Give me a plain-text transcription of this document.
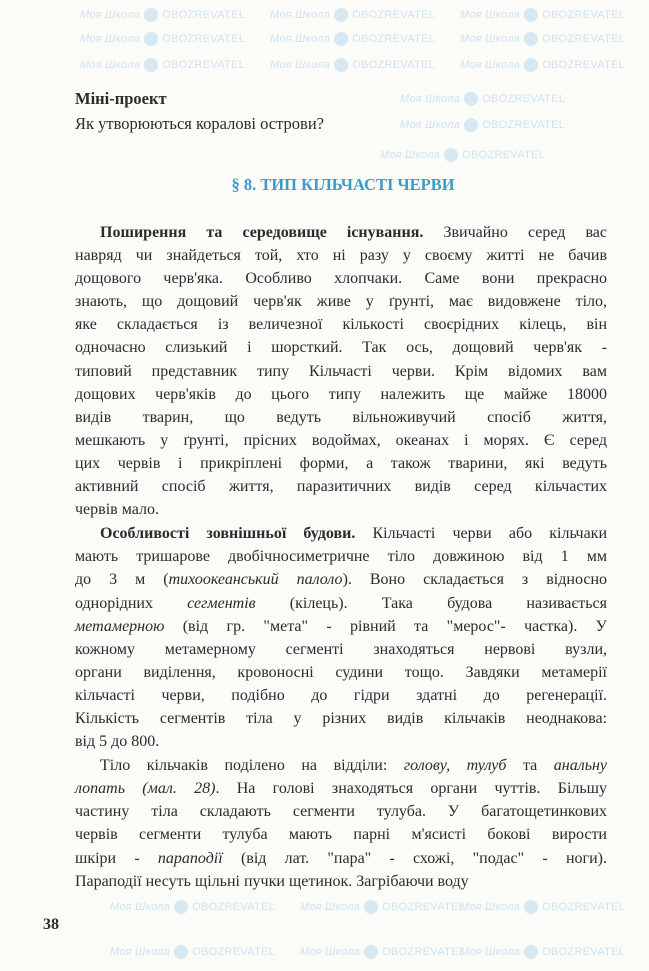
Моя Школа OBOZREVATEL Моя Школа OBOZREVATEL Моя Школа OBOZREVATEL
Моя Школа OBOZREVATEL Моя Школа OBOZREVATEL Моя Школа OBOZREVATEL
Моя Школа OBOZREVATEL Моя Школа OBOZREVATEL Моя Школа OBOZREVATEL
Моя Школа OBOZREVATEL
Моя Школа OBOZREVATEL
Моя Школа OBOZREVATEL
Моя Школа OBOZREVATEL Моя Школа OBOZREVATEL
Моя Школа OBOZREVATEL
Моя Школа OBOZREVATEL Моя Школа OBOZREVATEL
Моя Школа OBOZREVATEL
Міні-проект
Як утворюються коралові острови?
§ 8. ТИП КІЛЬЧАСТІ ЧЕРВИ
Поширення та середовище існування. Звичайно серед вас
навряд чи знайдеться той, хто ні разу у своєму житті не бачив
дощового черв'яка. Особливо хлопчаки. Саме вони прекрасно
знають, що дощовий черв'як живе у ґрунті, має видовжене тіло,
яке складається із величезної кількості своєрідних кілець, він
одночасно слизький і шорсткий. Так ось, дощовий черв'як -
типовий представник типу Кільчасті черви. Крім відомих вам
дощових черв'яків до цього типу належить ще майже 18000
видів тварин, що ведуть вільноживучий спосіб життя,
мешкають у ґрунті, прісних водоймах, океанах і морях. Є серед
цих червів і прикріплені форми, а також тварини, які ведуть
активний спосіб життя, паразитичних видів серед кільчастих
червів мало.
Особливості зовнішньої будови. Кільчасті черви або кільчаки
мають тришарове двобічносиметричне тіло довжиною від 1 мм
до 3 м (тихоокеанський палоло). Воно складається з відносно
однорідних сегментів (кілець). Така будова називається
метамерною (від гр. "мета" - рівний та "мерос"- частка). У
кожному метамерному сегменті знаходяться нервові вузли,
органи виділення, кровоносні судини тощо. Завдяки метамерії
кільчасті черви, подібно до гідри здатні до регенерації.
Кількість сегментів тіла у різних видів кільчаків неоднакова:
від 5 до 800.
Тіло кільчаків поділено на відділи: голову, тулуб та анальну
лопать (мал. 28). На голові знаходяться органи чуттів. Більшу
частину тіла складають сегменти тулуба. У багатощетинкових
червів сегменти тулуба мають парні м'ясисті бокові вирости
шкіри - параподії (від лат. "пара" - схожі, "подас" - ноги).
Параподії несуть щільні пучки щетинок. Загрібаючи воду
38
